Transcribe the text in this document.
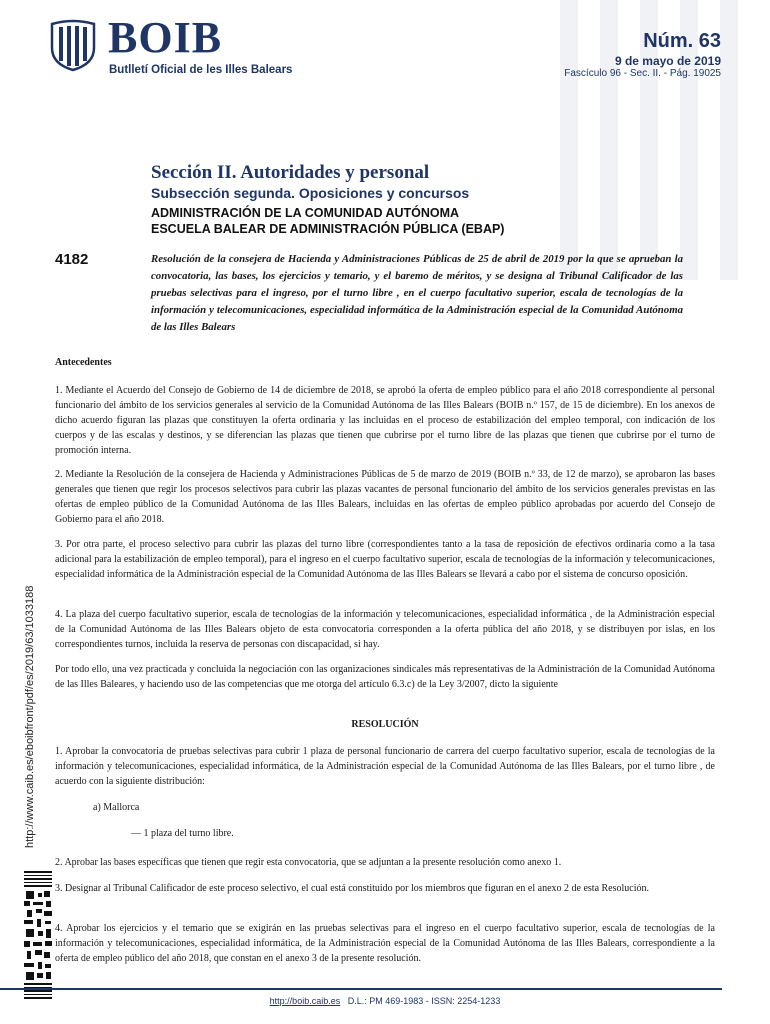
BOIB
Butlletí Oficial de les Illes Balears
Núm. 63
9 de mayo de 2019
Fascículo 96 - Sec. II. - Pág. 19025
Sección II. Autoridades y personal
Subsección segunda. Oposiciones y concursos
ADMINISTRACIÓN DE LA COMUNIDAD AUTÓNOMA
ESCUELA BALEAR DE ADMINISTRACIÓN PÚBLICA (EBAP)
4182	Resolución de la consejera de Hacienda y Administraciones Públicas de 25 de abril de 2019 por la que se aprueban la convocatoria, las bases, los ejercicios y temario, y el baremo de méritos, y se designa al Tribunal Calificador de las pruebas selectivas para el ingreso, por el turno libre , en el cuerpo facultativo superior, escala de tecnologías de la información y telecomunicaciones, especialidad informática de la Administración especial de la Comunidad Autónoma de las Illes Balears
Antecedentes
1. Mediante el Acuerdo del Consejo de Gobierno de 14 de diciembre de 2018, se aprobó la oferta de empleo público para el año 2018 correspondiente al personal funcionario del ámbito de los servicios generales al servicio de la Comunidad Autónoma de las Illes Balears (BOIB n.º 157, de 15 de diciembre). En los anexos de dicho acuerdo figuran las plazas que constituyen la oferta ordinaria y las incluidas en el proceso de estabilización del empleo temporal, con indicación de los cuerpos y de las escalas y destinos, y se diferencian las plazas que tienen que cubrirse por el turno libre de las plazas que tienen que cubrirse por el turno de promoción interna.
2. Mediante la Resolución de la consejera de Hacienda y Administraciones Públicas de 5 de marzo de 2019 (BOIB n.º 33, de 12 de marzo), se aprobaron las bases generales que tienen que regir los procesos selectivos para cubrir las plazas vacantes de personal funcionario del ámbito de los servicios generales previstas en las ofertas de empleo público de la Comunidad Autónoma de las Illes Balears, incluidas en las ofertas de empleo público aprobadas por acuerdo del Consejo de Gobierno para el año 2018.
3. Por otra parte, el proceso selectivo para cubrir las plazas del turno libre (correspondientes tanto a la tasa de reposición de efectivos ordinaria como a la tasa adicional para la estabilización de empleo temporal), para el ingreso en el cuerpo facultativo superior, escala de tecnologías de la información y telecomunicaciones, especialidad informática de la Administración especial de la Comunidad Autónoma de las Illes Balears se llevará a cabo por el sistema de concurso oposición.
4. La plaza del cuerpo facultativo superior, escala de tecnologías de la información y telecomunicaciones, especialidad informática , de la Administración especial de la Comunidad Autónoma de las Illes Balears objeto de esta convocatoria corresponden a la oferta pública del año 2018, y se distribuyen por islas, en los correspondientes turnos, incluida la reserva de personas con discapacidad, si hay.
Por todo ello, una vez practicada y concluida la negociación con las organizaciones sindicales más representativas de la Administración de la Comunidad Autónoma de las Illes Baleares, y haciendo uso de las competencias que me otorga del artículo 6.3.c) de la Ley 3/2007, dicto la siguiente
RESOLUCIÓN
1. Aprobar la convocatoria de pruebas selectivas para cubrir 1 plaza de personal funcionario de carrera del cuerpo facultativo superior, escala de tecnologías de la información y telecomunicaciones, especialidad informática, de la Administración especial de la Comunidad Autónoma de las Illes Balears, por el turno libre , de acuerdo con la siguiente distribución:
a) Mallorca
— 1 plaza del turno libre.
2. Aprobar las bases específicas que tienen que regir esta convocatoria, que se adjuntan a la presente resolución como anexo 1.
3. Designar al Tribunal Calificador de este proceso selectivo, el cual está constituido por los miembros que figuran en el anexo 2 de esta Resolución.
4. Aprobar los ejercicios y el temario que se exigirán en las pruebas selectivas para el ingreso en el cuerpo facultativo superior, escala de tecnologías de la información y telecomunicaciones, especialidad informática, de la Administración especial de la Comunidad Autónoma de las Illes Balears, correspondiente a la oferta de empleo público del año 2018, que constan en el anexo 3 de la presente resolución.
http://www.caib.es/eboibfront/pdf/es/2019/63/1033188
http://boib.caib.es D.L.: PM 469-1983 - ISSN: 2254-1233
